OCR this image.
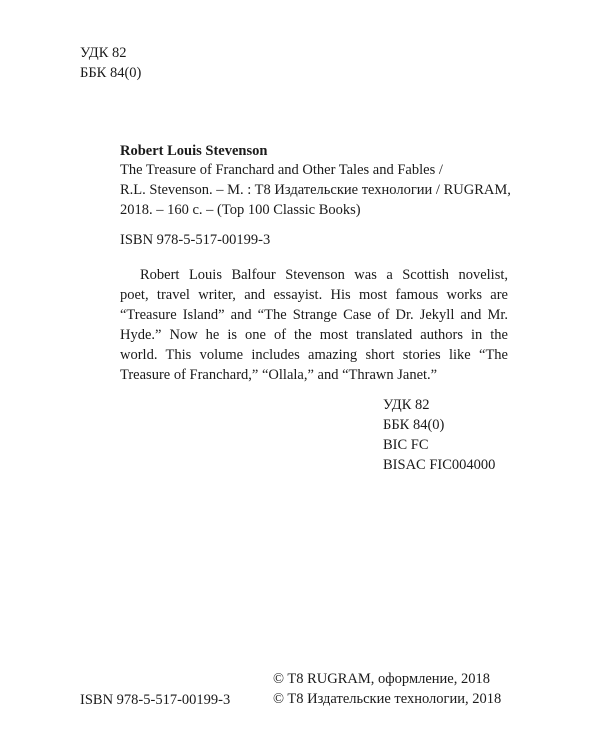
УДК 82
ББК 84(0)
Robert Louis Stevenson
The Treasure of Franchard and Other Tales and Fables /
R.L. Stevenson. – M. : T8 Издательские технологии / RUGRAM,
2018. – 160 с. – (Top 100 Classic Books)
ISBN 978-5-517-00199-3
Robert Louis Balfour Stevenson was a Scottish novelist,
poet, travel writer, and essayist. His most famous works are
“Treasure Island” and “The Strange Case of Dr. Jekyll and Mr.
Hyde.” Now he is one of the most translated authors in the
world. This volume includes amazing short stories like “The
Treasure of Franchard,” “Ollala,” and “Thrawn Janet.”
УДК 82
ББК 84(0)
BIC FC
BISAC FIC004000
ISBN 978-5-517-00199-3
© T8 RUGRAM, оформление, 2018
© T8 Издательские технологии, 2018
